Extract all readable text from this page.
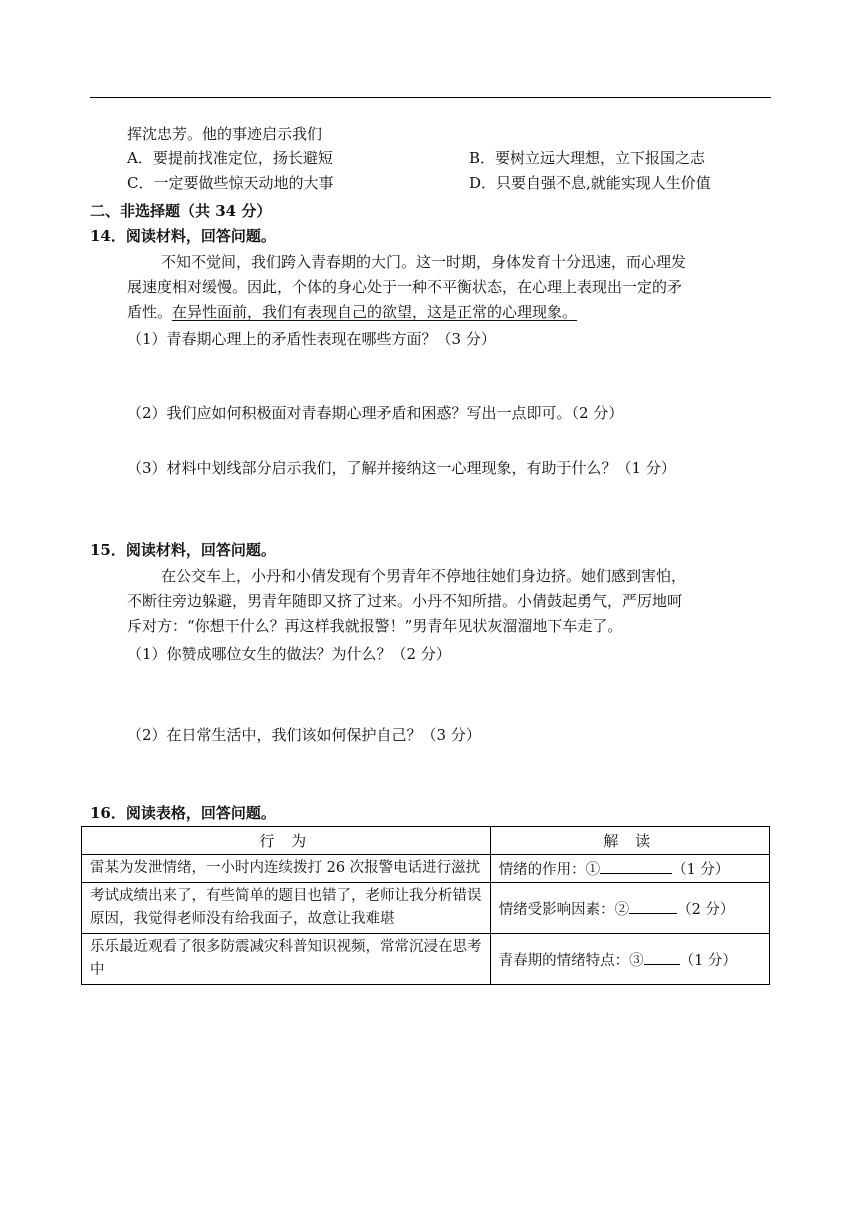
挥沈忠芳。他的事迹启示我们
A．要提前找准定位，扬长避短	B．要树立远大理想，立下报国之志
C．一定要做些惊天动地的大事	D．只要自强不息,就能实现人生价值
二、非选择题（共 34 分）
14．阅读材料，回答问题。
不知不觉间，我们跨入青春期的大门。这一时期，身体发育十分迅速，而心理发
展速度相对缓慢。因此，个体的身心处于一种不平衡状态，在心理上表现出一定的矛
盾性。在异性面前，我们有表现自己的欲望，这是正常的心理现象。
（1）青春期心理上的矛盾性表现在哪些方面？（3 分）
（2）我们应如何积极面对青春期心理矛盾和困惑？写出一点即可。（2 分）
（3）材料中划线部分启示我们，了解并接纳这一心理现象，有助于什么？（1 分）
15．阅读材料，回答问题。
在公交车上，小丹和小倩发现有个男青年不停地往她们身边挤。她们感到害怕，
不断往旁边躲避，男青年随即又挤了过来。小丹不知所措。小倩鼓起勇气，严厉地呵
斥对方：“你想干什么？再这样我就报警！”男青年见状灰溜溜地下车走了。
（1）你赞成哪位女生的做法？为什么？（2 分）
（2）在日常生活中，我们该如何保护自己？（3 分）
16．阅读表格，回答问题。
行 为	解 读
雷某为发泄情绪，一小时内连续拨打 26 次报警电话进行滋扰	情绪的作用：① （1 分）
考试成绩出来了，有些简单的题目也错了，老师让我分析错误原因，我觉得老师没有给我面子，故意让我难堪	情绪受影响因素：② （2 分）
乐乐最近观看了很多防震减灾科普知识视频，常常沉浸在思考中	青春期的情绪特点：③ （1 分）
